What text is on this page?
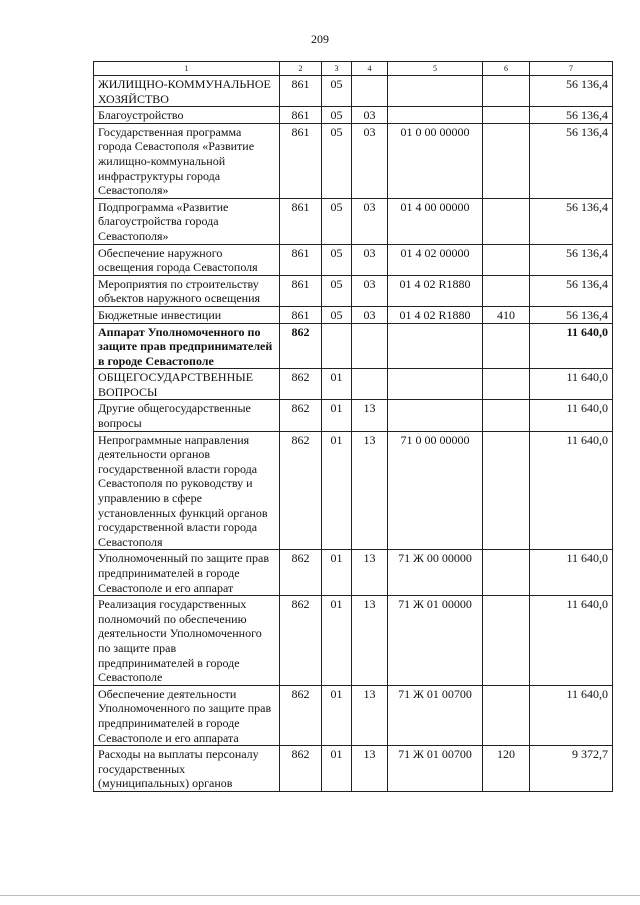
209
1	2	3	4	5	6	7
ЖИЛИЩНО-КОММУНАЛЬНОЕ ХОЗЯЙСТВО	861	05				56 136,4
Благоустройство	861	05	03			56 136,4
Государственная программа города Севастополя «Развитие жилищно-коммунальной инфраструктуры города Севастополя»	861	05	03	01 0 00 00000		56 136,4
Подпрограмма «Развитие благоустройства города Севастополя»	861	05	03	01 4 00 00000		56 136,4
Обеспечение наружного освещения города Севастополя	861	05	03	01 4 02 00000		56 136,4
Мероприятия по строительству объектов наружного освещения	861	05	03	01 4 02 R1880		56 136,4
Бюджетные инвестиции	861	05	03	01 4 02 R1880	410	56 136,4
Аппарат Уполномоченного по защите прав предпринимателей в городе Севастополе	862					11 640,0
ОБЩЕГОСУДАРСТВЕННЫЕ ВОПРОСЫ	862	01				11 640,0
Другие общегосударственные вопросы	862	01	13			11 640,0
Непрограммные направления деятельности органов государственной власти города Севастополя по руководству и управлению в сфере установленных функций органов государственной власти города Севастополя	862	01	13	71 0 00 00000		11 640,0
Уполномоченный по защите прав предпринимателей в городе Севастополе и его аппарат	862	01	13	71 Ж 00 00000		11 640,0
Реализация государственных полномочий по обеспечению деятельности Уполномоченного по защите прав предпринимателей в городе Севастополе	862	01	13	71 Ж 01 00000		11 640,0
Обеспечение деятельности Уполномоченного по защите прав предпринимателей в городе Севастополе и его аппарата	862	01	13	71 Ж 01 00700		11 640,0
Расходы на выплаты персоналу государственных (муниципальных) органов	862	01	13	71 Ж 01 00700	120	9 372,7
